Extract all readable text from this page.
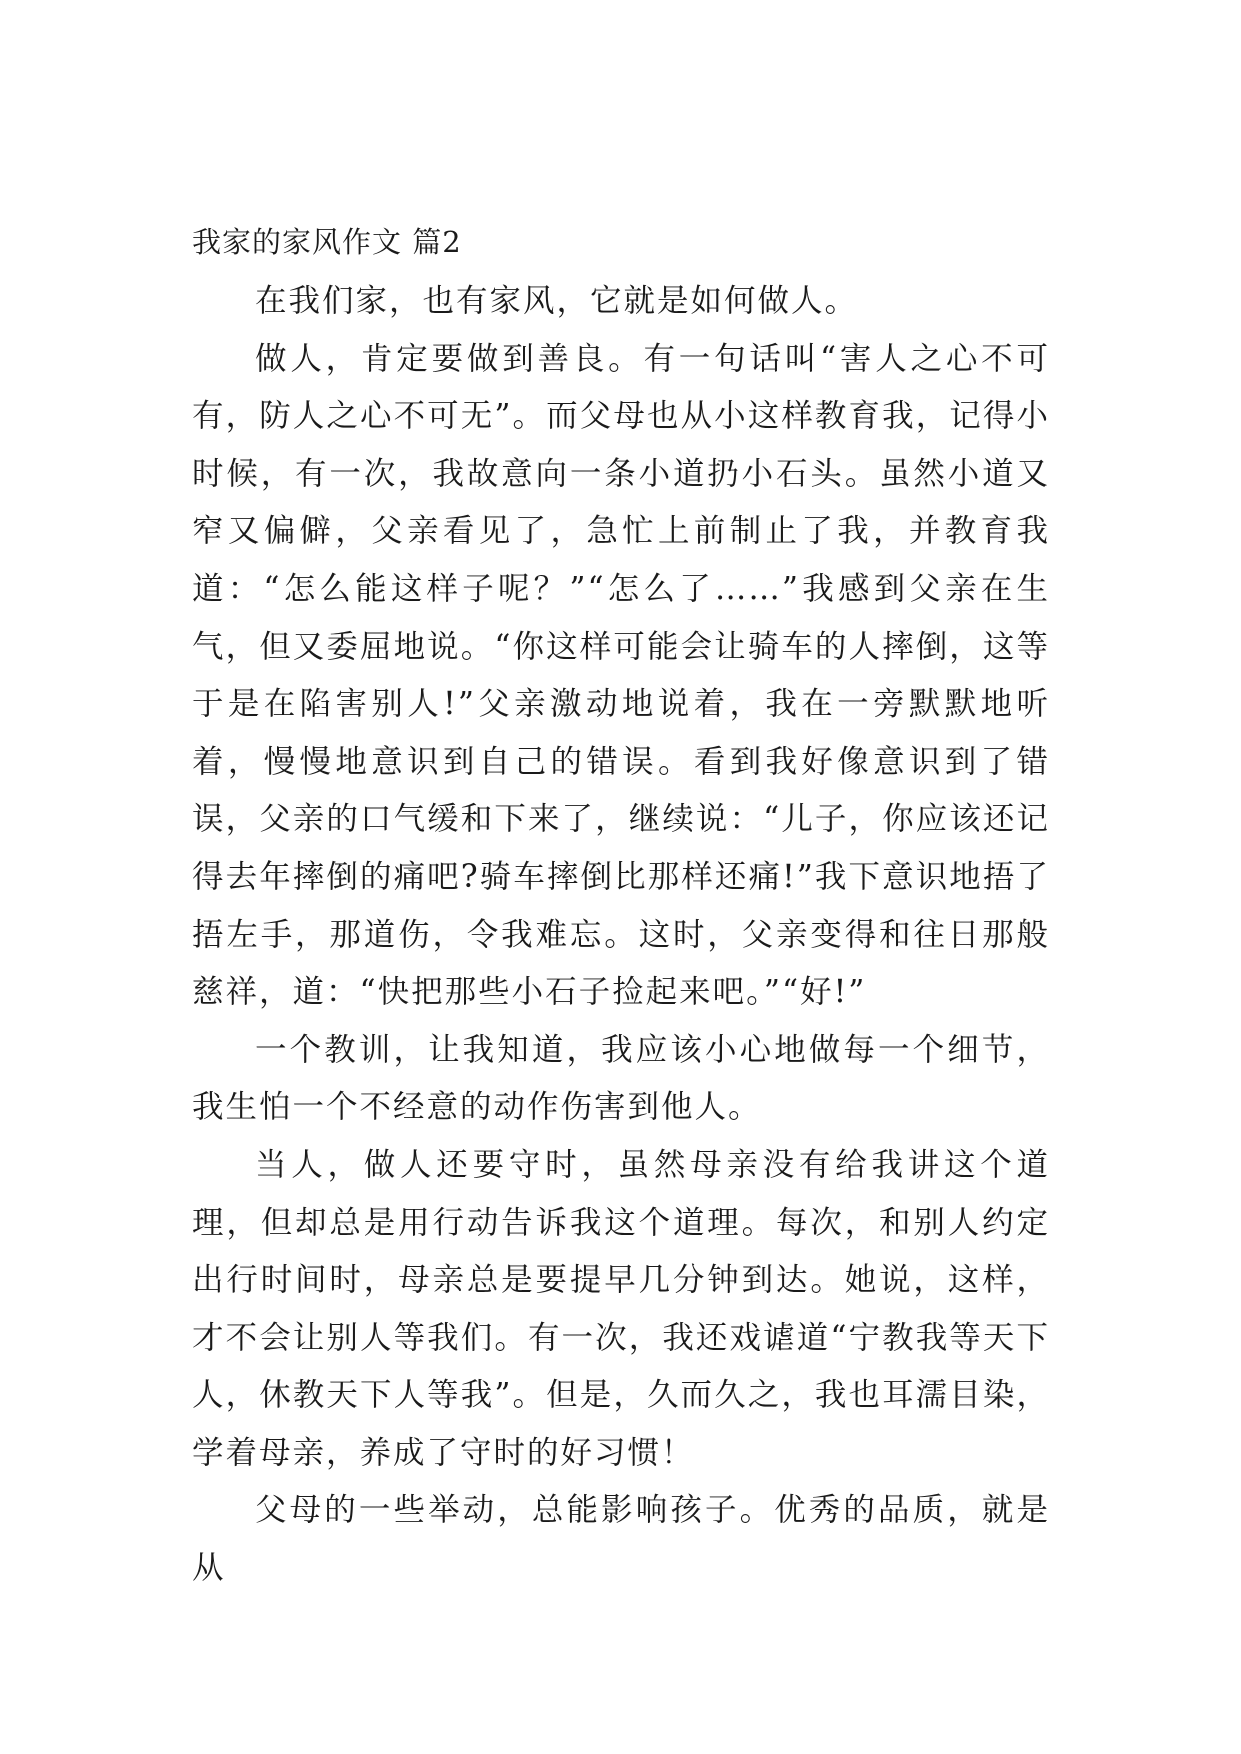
我家的家风作文 篇2

在我们家，也有家风，它就是如何做人。

做人，肯定要做到善良。有一句话叫“害人之心不可有，防人之心不可无”。而父母也从小这样教育我，记得小时候，有一次，我故意向一条小道扔小石头。虽然小道又窄又偏僻，父亲看见了，急忙上前制止了我，并教育我道：“怎么能这样子呢？”“怎么了……”我感到父亲在生气，但又委屈地说。“你这样可能会让骑车的人摔倒，这等于是在陷害别人!”父亲激动地说着，我在一旁默默地听着，慢慢地意识到自己的错误。看到我好像意识到了错误，父亲的口气缓和下来了，继续说：“儿子，你应该还记得去年摔倒的痛吧?骑车摔倒比那样还痛!”我下意识地捂了捂左手，那道伤，令我难忘。这时，父亲变得和往日那般慈祥，道：“快把那些小石子捡起来吧。”“好!”

一个教训，让我知道，我应该小心地做每一个细节，我生怕一个不经意的动作伤害到他人。

当人，做人还要守时，虽然母亲没有给我讲这个道理，但却总是用行动告诉我这个道理。每次，和别人约定出行时间时，母亲总是要提早几分钟到达。她说，这样，才不会让别人等我们。有一次，我还戏谑道“宁教我等天下人，休教天下人等我”。但是，久而久之，我也耳濡目染，学着母亲，养成了守时的好习惯！

父母的一些举动，总能影响孩子。优秀的品质，就是从
